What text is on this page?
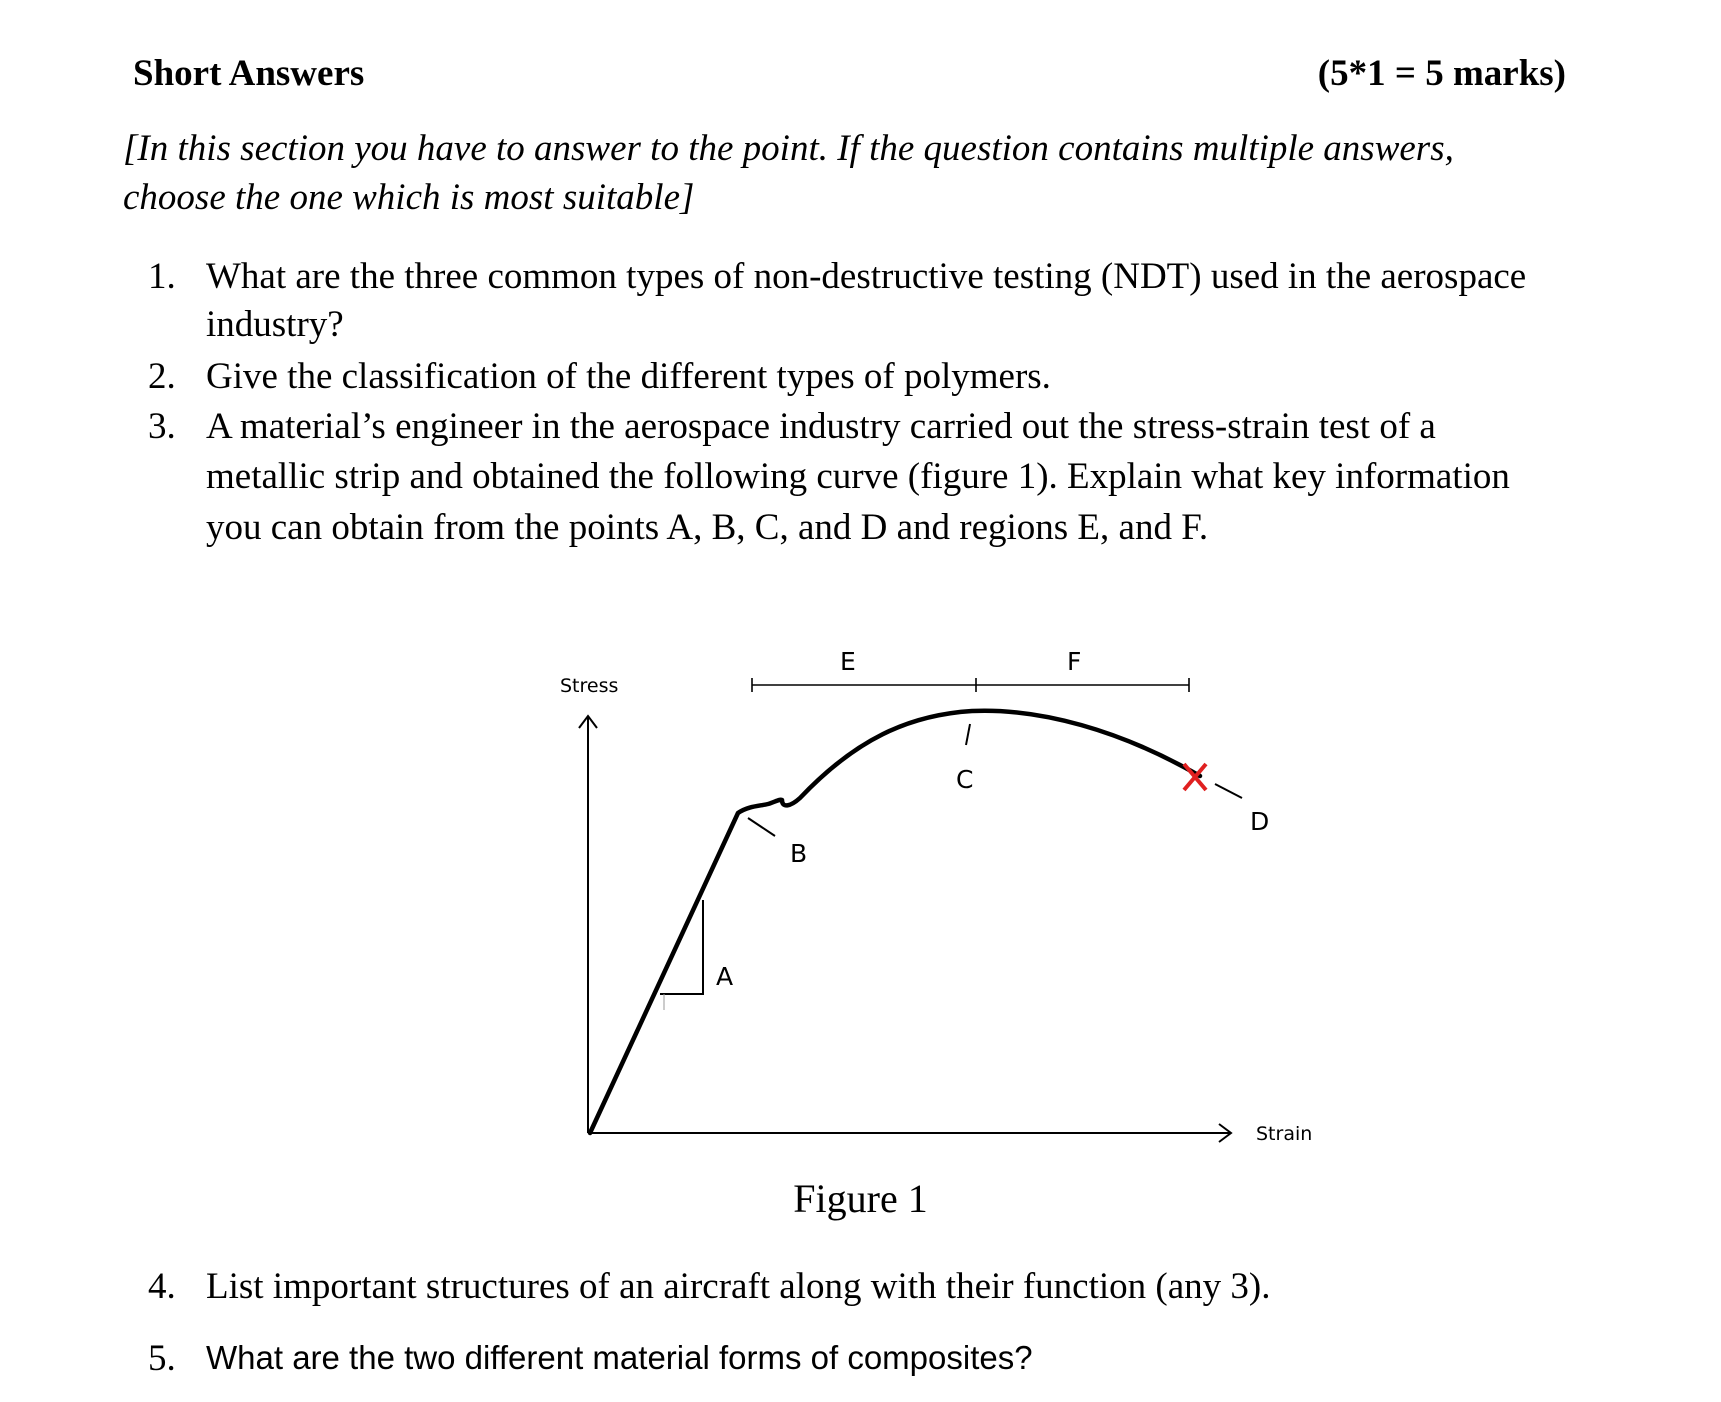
Short Answers	(5*1 = 5 marks)
[In this section you have to answer to the point. If the question contains multiple answers,
choose the one which is most suitable]
1. What are the three common types of non-destructive testing (NDT) used in the aerospace
industry?
2. Give the classification of the different types of polymers.
3. A material’s engineer in the aerospace industry carried out the stress-strain test of a
metallic strip and obtained the following curve (figure 1). Explain what key information
you can obtain from the points A, B, C, and D and regions E, and F.
Stress
Strain
A
B
C
D
E	F
Figure 1
4. List important structures of an aircraft along with their function (any 3).
5. What are the two different material forms of composites?
